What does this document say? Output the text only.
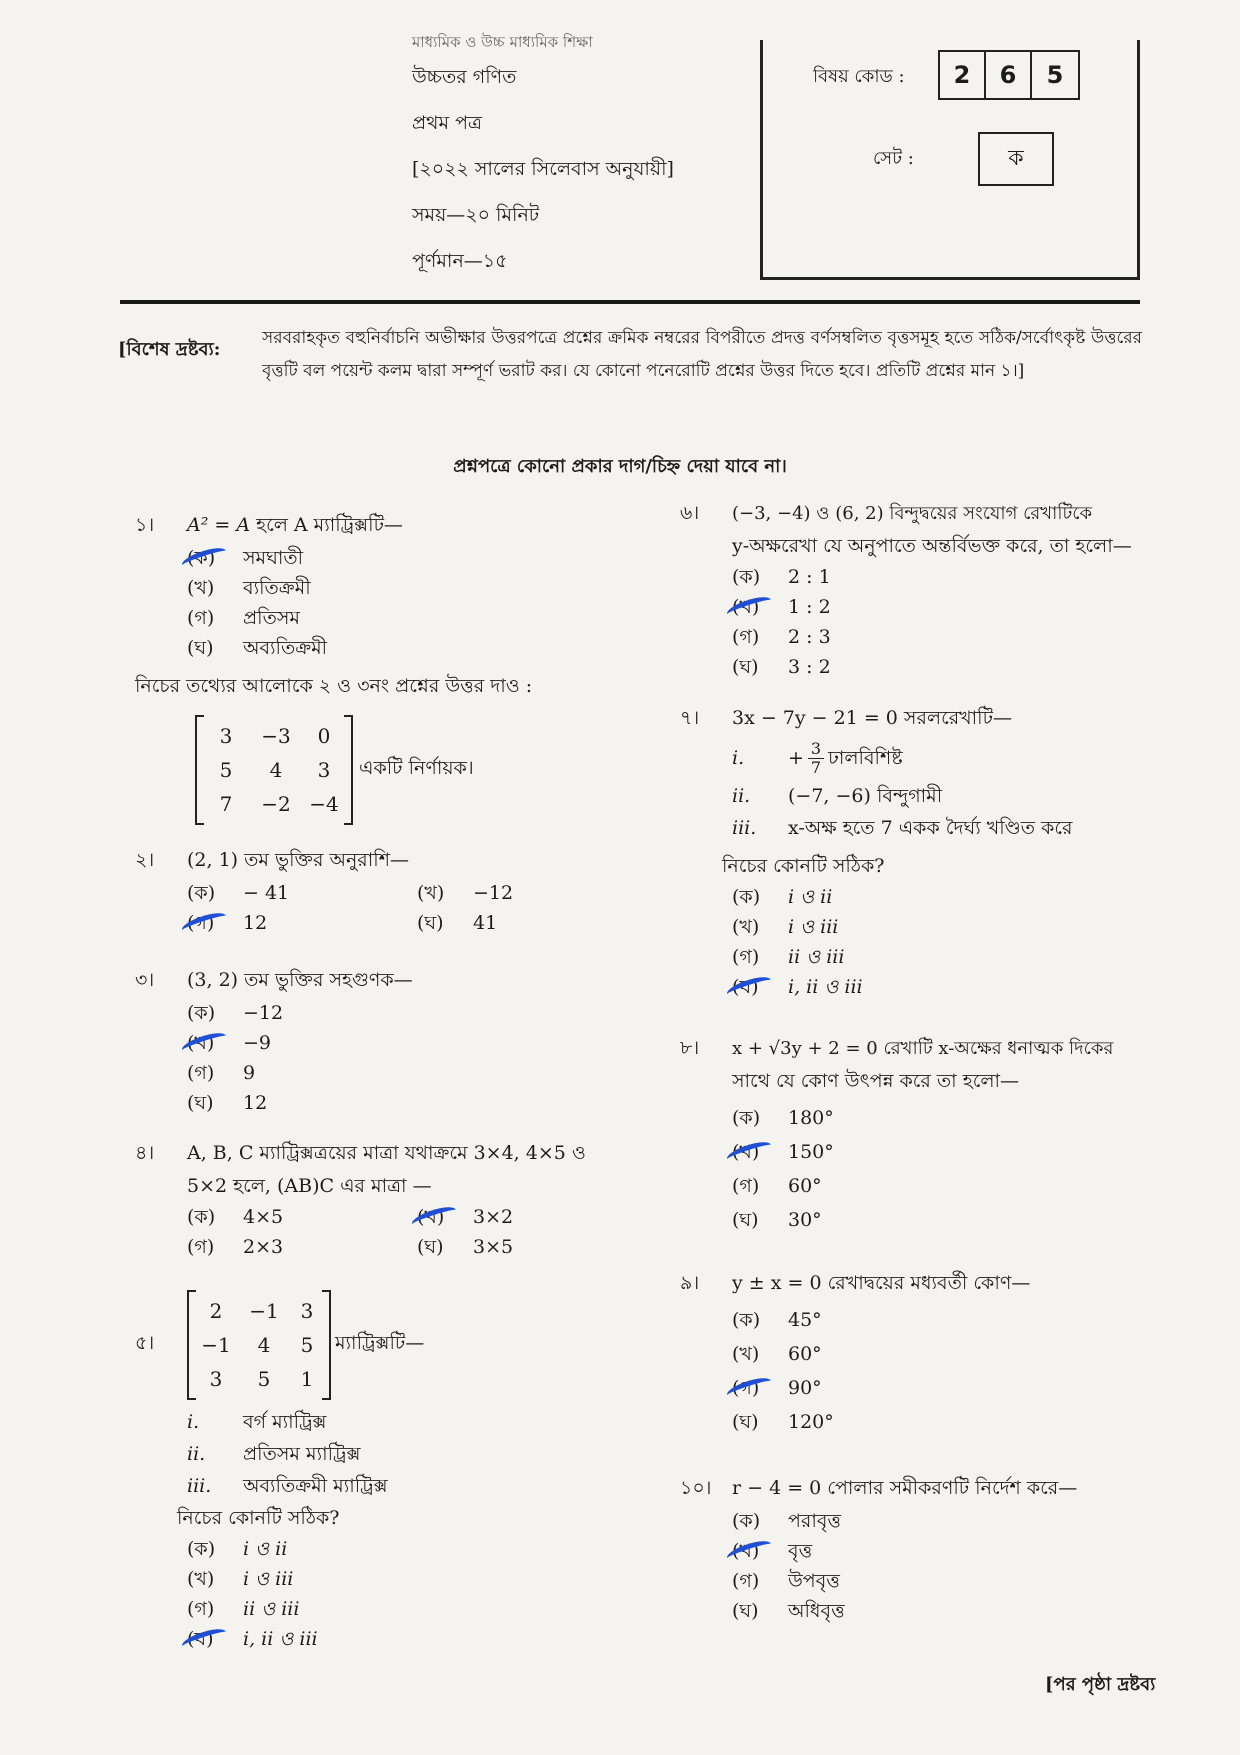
মাধ্যমিক ও উচ্চ মাধ্যমিক শিক্ষা
উচ্চতর গণিত
প্রথম পত্র
[২০২২ সালের সিলেবাস অনুযায়ী]
সময়—২০ মিনিট
পূর্ণমান—১৫
বিষয় কোড :	2	6	5
সেট :	ক
[বিশেষ দ্রষ্টব্য:
সরবরাহকৃত বহুনির্বাচনি অভীক্ষার উত্তরপত্রে প্রশ্নের ক্রমিক নম্বরের বিপরীতে প্রদত্ত বর্ণসম্বলিত বৃত্তসমূহ হতে সঠিক/সর্বোৎকৃষ্ট উত্তরের বৃত্তটি বল পয়েন্ট কলম দ্বারা সম্পূর্ণ ভরাট কর। যে কোনো পনেরোটি প্রশ্নের উত্তর দিতে হবে। প্রতিটি প্রশ্নের মান ১।]
প্রশ্নপত্রে কোনো প্রকার দাগ/চিহ্ন দেয়া যাবে না।
১।	A² = A হলে A ম্যাট্রিক্সটি—
(ক)	সমঘাতী
(খ)	ব্যতিক্রমী
(গ)	প্রতিসম
(ঘ)	অব্যতিক্রমী
নিচের তথ্যের আলোকে ২ ও ৩নং প্রশ্নের উত্তর দাও :
3	−3	0
5	4	3
7	−2 −4
একটি নির্ণায়ক।
২।	(2, 1) তম ভুক্তির অনুরাশি—
(ক)	− 41	(খ)	−12
(গ)	12	(ঘ)	41
৩।	(3, 2) তম ভুক্তির সহগুণক—
(ক)	−12
(খ)	−9
(গ)	9
(ঘ)	12
৪।	A, B, C ম্যাট্রিক্সত্রয়ের মাত্রা যথাক্রমে 3×4, 4×5 ও
5×2 হলে, (AB)C এর মাত্রা —
(ক)	4×5	(খ)	3×2
(গ)	2×3	(ঘ)	3×5
৫।
2	−1	3
−1	4	5
3	5	1
ম্যাট্রিক্সটি—
i.	বর্গ ম্যাট্রিক্স
ii.	প্রতিসম ম্যাট্রিক্স
iii.	অব্যতিক্রমী ম্যাট্রিক্স
নিচের কোনটি সঠিক?
(ক)	i ও ii
(খ)	i ও iii
(গ)	ii ও iii
(ঘ)	i, ii ও iii
৬।	(−3, −4) ও (6, 2) বিন্দুদ্বয়ের সংযোগ রেখাটিকে
y-অক্ষরেখা যে অনুপাতে অন্তর্বিভক্ত করে, তা হলো—
(ক)	2 : 1
(খ)	1 : 2
(গ)	2 : 3
(ঘ)	3 : 2
৭।	3x − 7y − 21 = 0 সরলরেখাটি—
i.	+ $\frac{3}{7}$ ঢালবিশিষ্ট
ii.	(−7, −6) বিন্দুগামী
iii.	x-অক্ষ হতে 7 একক দৈর্ঘ্য খণ্ডিত করে
নিচের কোনটি সঠিক?
(ক)	i ও ii
(খ)	i ও iii
(গ)	ii ও iii
(ঘ)	i, ii ও iii
৮।	x + √3y + 2 = 0 রেখাটি x-অক্ষের ধনাত্মক দিকের
সাথে যে কোণ উৎপন্ন করে তা হলো—
(ক)	180°
(খ)	150°
(গ)	60°
(ঘ)	30°
৯।	y ± x = 0 রেখাদ্বয়ের মধ্যবর্তী কোণ—
(ক)	45°
(খ)	60°
(গ)	90°
(ঘ)	120°
১০।	r − 4 = 0 পোলার সমীকরণটি নির্দেশ করে—
(ক)	পরাবৃত্ত
(খ)	বৃত্ত
(গ)	উপবৃত্ত
(ঘ)	অধিবৃত্ত
[পর পৃষ্ঠা দ্রষ্টব্য
